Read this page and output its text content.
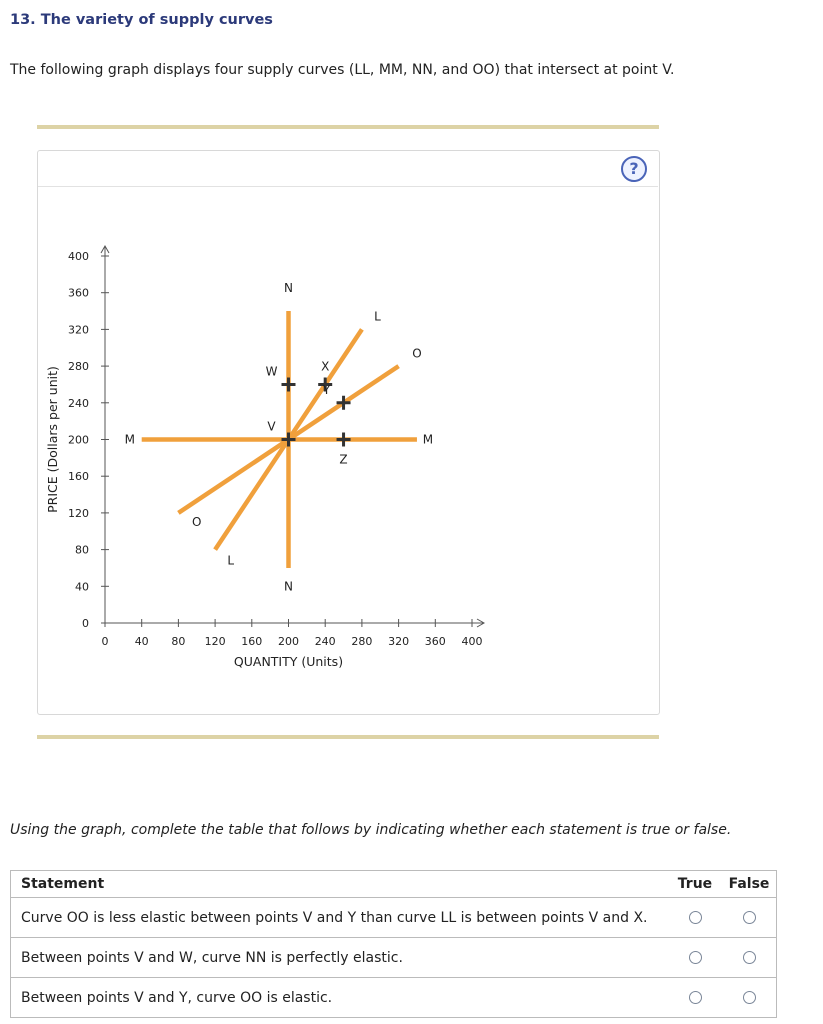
13. The variety of supply curves
The following graph displays four supply curves (LL, MM, NN, and OO) that intersect at point V.
?
0 40 80 120 160 200 240 280 320 360 400
0
40
80
120
160
200
240
280
320
360
400
QUANTITY (Units)
PRICE (Dollars per unit)
L
L
M	M
N
N
O
O
V
W	X
Y
Z
Using the graph, complete the table that follows by indicating whether each statement is true or false.
Statement	True	False
Curve OO is less elastic between points V and Y than curve LL is between points V and X.		
Between points V and W, curve NN is perfectly elastic.		
Between points V and Y, curve OO is elastic.		
